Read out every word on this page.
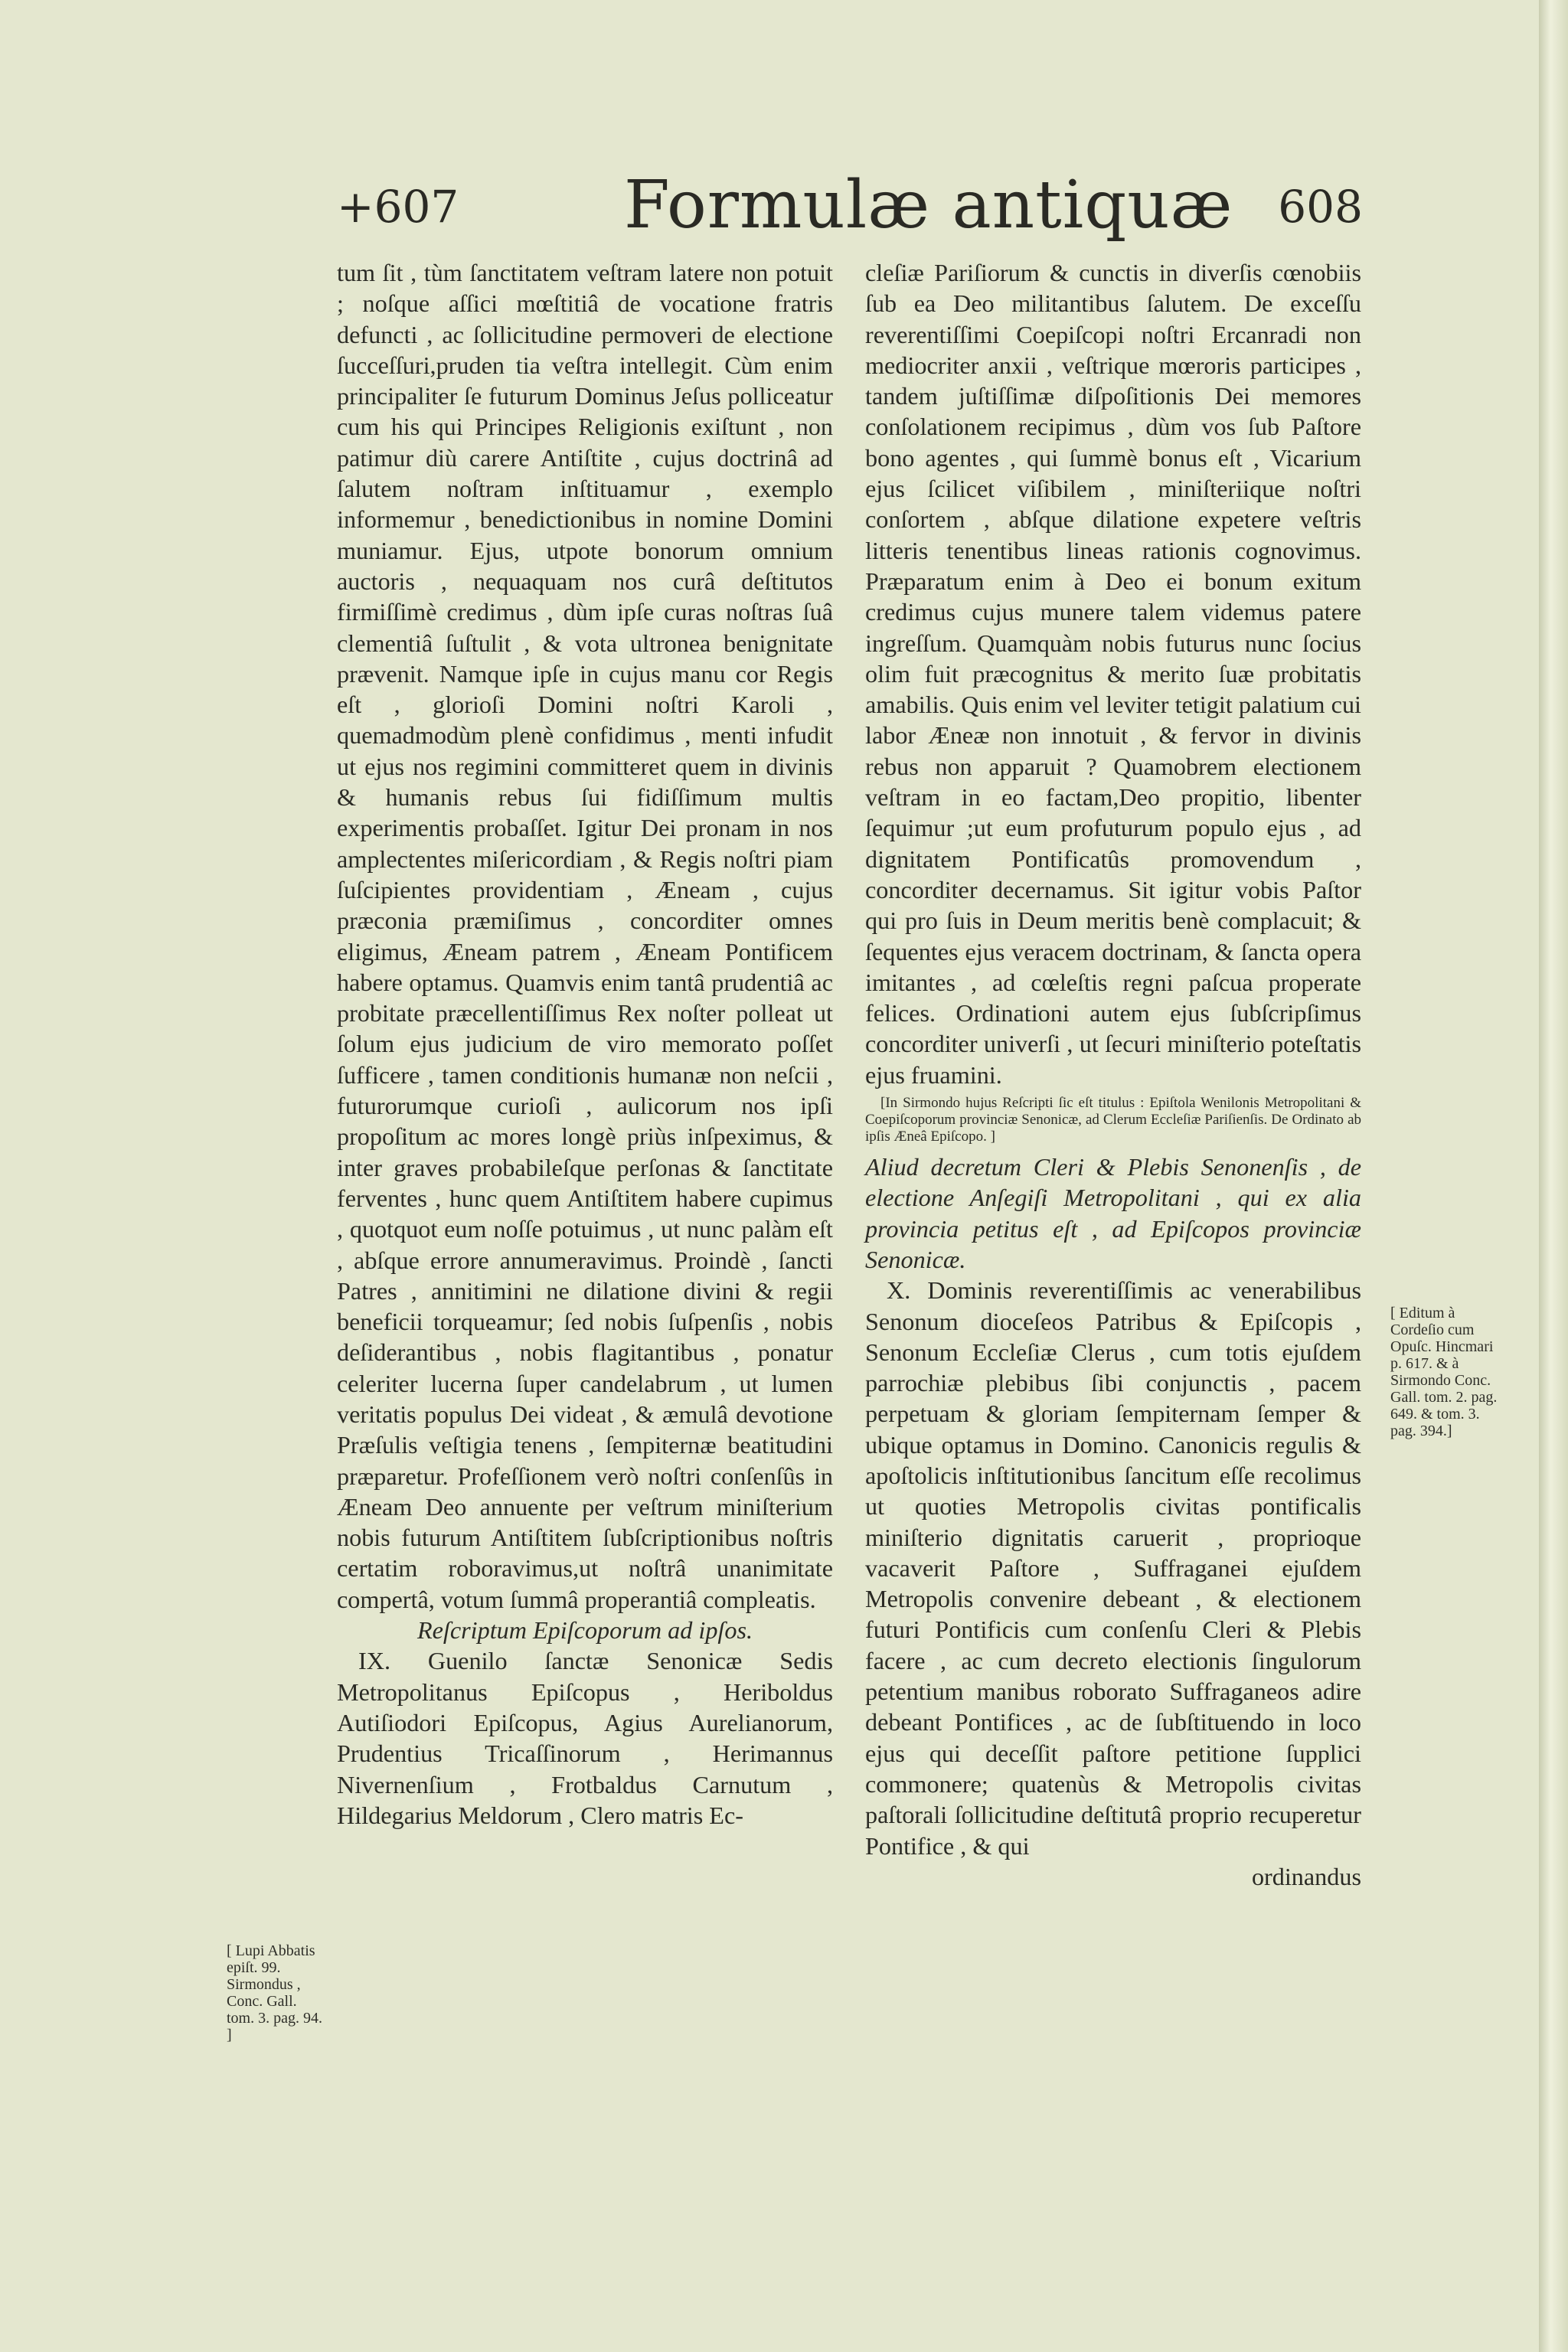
+607	Formulæ antiquæ 608

tum ſit , tùm ſanctitatem veſtram latere non potuit ; noſque aſſici mœſtitiâ de vocatione fratris defuncti , ac ſollicitudine permoveri de electione ſucceſſuri,pruden tia veſtra intellegit. Cùm enim principaliter ſe futurum Dominus Jeſus polliceatur cum his qui Principes Religionis exiſtunt , non patimur diù carere Antiſtite , cujus doctrinâ ad ſalutem noſtram inſtituamur , exemplo informemur , benedictionibus in nomine Domini muniamur. Ejus, utpote bonorum omnium auctoris , nequaquam nos curâ deſtitutos firmiſſimè credimus , dùm ipſe curas noſtras ſuâ clementiâ ſuſtulit , & vota ultronea benignitate prævenit. Namque ipſe in cujus manu cor Regis eſt , glorioſi Domini noſtri Karoli , quemadmodùm plenè confidimus , menti infudit ut ejus nos regimini committeret quem in divinis & humanis rebus ſui fidiſſimum multis experimentis probaſſet. Igitur Dei pronam in nos amplectentes miſericordiam , & Regis noſtri piam ſuſcipientes providentiam , Æneam , cujus præconia præmiſimus , concorditer omnes eligimus, Æneam patrem , Æneam Pontificem habere optamus. Quamvis enim tantâ prudentiâ ac probitate præcellentiſſimus Rex noſter polleat ut ſolum ejus judicium de viro memorato poſſet ſufficere , tamen conditionis humanæ non neſcii , futurorumque curioſi , aulicorum nos ipſi propoſitum ac mores longè priùs inſpeximus, & inter graves probabileſque perſonas & ſanctitate ferventes , hunc quem Antiſtitem habere cupimus , quotquot eum noſſe potuimus , ut nunc palàm eſt , abſque errore annumeravimus. Proindè , ſancti Patres , annitimini ne dilatione divini & regii beneficii torqueamur; ſed nobis ſuſpenſis , nobis deſiderantibus , nobis flagitantibus , ponatur celeriter lucerna ſuper candelabrum , ut lumen veritatis populus Dei videat , & æmulâ devotione Præſulis veſtigia tenens , ſempiternæ beatitudini præparetur. Profeſſionem verò noſtri conſenſûs in Æneam Deo annuente per veſtrum miniſterium nobis futurum Antiſtitem ſubſcriptionibus noſtris certatim roboravimus,ut noſtrâ unanimitate compertâ, votum ſummâ properantiâ compleatis.

Reſcriptum Epiſcoporum ad ipſos.

IX. Guenilo ſanctæ Senonicæ Sedis Metropolitanus Epiſcopus , Heriboldus Autiſiodori Epiſcopus, Agius Aurelianorum, Prudentius Tricaſſinorum , Herimannus Nivernenſium , Frotbaldus Carnutum , Hildegarius Meldorum , Clero matris Ec-

cleſiæ Pariſiorum & cunctis in diverſis cœnobiis ſub ea Deo militantibus ſalutem. De exceſſu reverentiſſimi Coepiſcopi noſtri Ercanradi non mediocriter anxii , veſtrique mœroris participes , tandem juſtiſſimæ diſpoſitionis Dei memores conſolationem recipimus , dùm vos ſub Paſtore bono agentes , qui ſummè bonus eſt , Vicarium ejus ſcilicet viſibilem , miniſteriique noſtri conſortem , abſque dilatione expetere veſtris litteris tenentibus lineas rationis cognovimus. Præparatum enim à Deo ei bonum exitum credimus cujus munere talem videmus patere ingreſſum. Quamquàm nobis futurus nunc ſocius olim fuit præcognitus & merito ſuæ probitatis amabilis. Quis enim vel leviter tetigit palatium cui labor Æneæ non innotuit , & fervor in divinis rebus non apparuit ? Quamobrem electionem veſtram in eo factam,Deo propitio, libenter ſequimur ;ut eum profuturum populo ejus , ad dignitatem Pontificatûs promovendum , concorditer decernamus. Sit igitur vobis Paſtor qui pro ſuis in Deum meritis benè complacuit; & ſequentes ejus veracem doctrinam, & ſancta opera imitantes , ad cœleſtis regni paſcua properate felices. Ordinationi autem ejus ſubſcripſimus concorditer univerſi , ut ſecuri miniſterio poteſtatis ejus fruamini.

[In Sirmondo hujus Reſcripti ſic eſt titulus : Epiſtola Wenilonis Metropolitani & Coepiſcoporum provinciæ Senonicæ, ad Clerum Eccleſiæ Pariſienſis. De Ordinato ab ipſis Æneâ Epiſcopo. ]

Aliud decretum Cleri & Plebis Senonenſis , de electione Anſegiſi Metropolitani , qui ex alia provincia petitus eſt , ad Epiſcopos provinciæ Senonicæ.

X. Dominis reverentiſſimis ac venerabilibus Senonum dioceſeos Patribus & Epiſcopis , Senonum Eccleſiæ Clerus , cum totis ejuſdem parrochiæ plebibus ſibi conjunctis , pacem perpetuam & gloriam ſempiternam ſemper & ubique optamus in Domino. Canonicis regulis & apoſtolicis inſtitutionibus ſancitum eſſe recolimus ut quoties Metropolis civitas pontificalis miniſterio dignitatis caruerit , proprioque vacaverit Paſtore , Suffraganei ejuſdem Metropolis convenire debeant , & electionem futuri Pontificis cum conſenſu Cleri & Plebis facere , ac cum decreto electionis ſingulorum petentium manibus roborato Suffraganeos adire debeant Pontifices , ac de ſubſtituendo in loco ejus qui deceſſit paſtore petitione ſupplici commonere; quatenùs & Metropolis civitas paſtorali ſollicitudine deſtitutâ proprio recuperetur Pontifice , & qui

ordinandus

[ Lupi Abbatis epiſt. 99. Sirmondus , Conc. Gall. tom. 3. pag. 94. ]
[ Editum à Cordeſio cum Opuſc. Hincmari p. 617. & à Sirmondo Conc. Gall. tom. 2. pag. 649. & tom. 3. pag. 394.]
